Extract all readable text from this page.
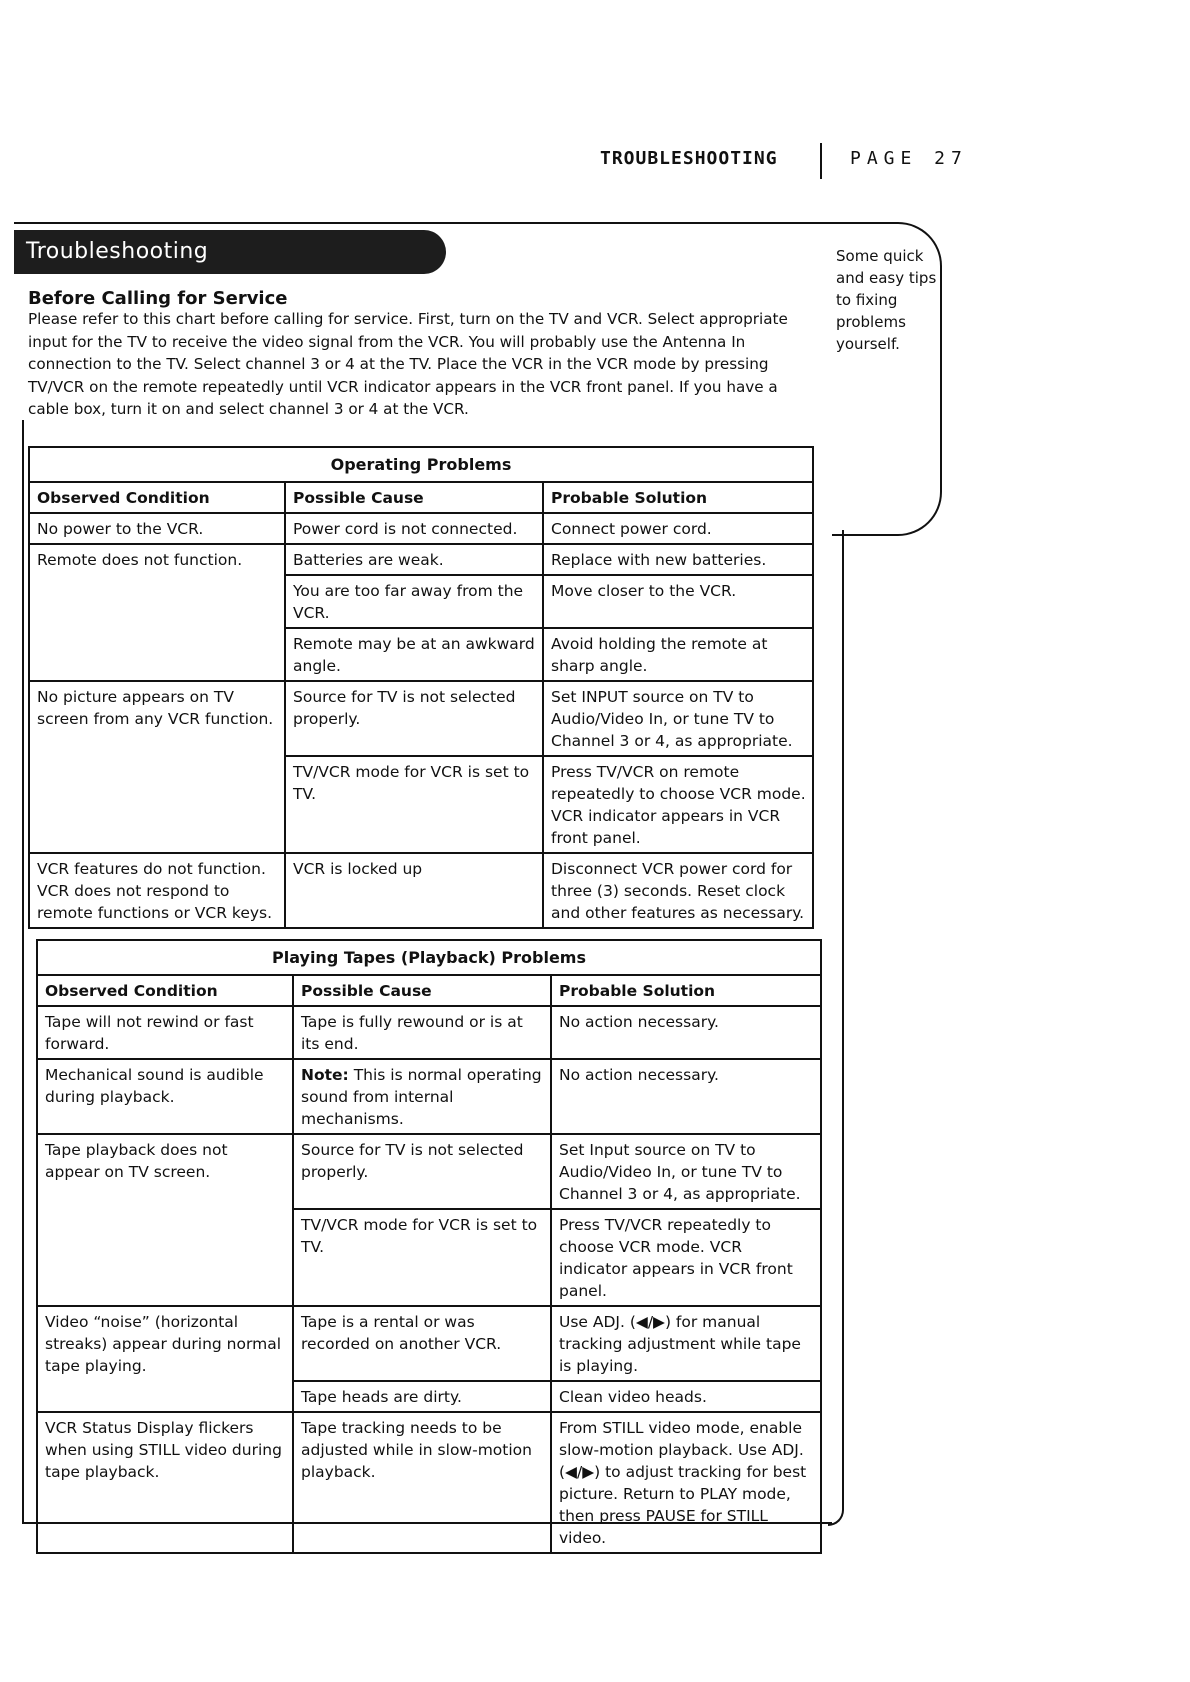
TROUBLESHOOTING	PAGE 27
Troubleshooting	Some quick and easy tips to fixing problems yourself.
Before Calling for Service
Please refer to this chart before calling for service. First, turn on the TV and VCR. Select appropriate input for the TV to receive the video signal from the VCR. You will probably use the Antenna In connection to the TV. Select channel 3 or 4 at the TV. Place the VCR in the VCR mode by pressing TV/VCR on the remote repeatedly until VCR indicator appears in the VCR front panel. If you have a cable box, turn it on and select channel 3 or 4 at the VCR.
Operating Problems
Observed Condition	Possible Cause	Probable Solution
No power to the VCR.	Power cord is not connected.	Connect power cord.
Remote does not function.	Batteries are weak.	Replace with new batteries.
	You are too far away from the VCR.	Move closer to the VCR.
	Remote may be at an awkward angle.	Avoid holding the remote at sharp angle.
No picture appears on TV screen from any VCR function.	Source for TV is not selected properly.	Set INPUT source on TV to Audio/Video In, or tune TV to Channel 3 or 4, as appropriate.
	TV/VCR mode for VCR is set to TV.	Press TV/VCR on remote repeatedly to choose VCR mode. VCR indicator appears in VCR front panel.
VCR features do not function. VCR does not respond to remote functions or VCR keys.	VCR is locked up	Disconnect VCR power cord for three (3) seconds. Reset clock and other features as necessary.
Playing Tapes (Playback) Problems
Observed Condition	Possible Cause	Probable Solution
Tape will not rewind or fast forward.	Tape is fully rewound or is at its end.	No action necessary.
Mechanical sound is audible during playback.	Note: This is normal operating sound from internal mechanisms.	No action necessary.
Tape playback does not appear on TV screen.	Source for TV is not selected properly.	Set Input source on TV to Audio/Video In, or tune TV to Channel 3 or 4, as appropriate.
	TV/VCR mode for VCR is set to TV.	Press TV/VCR repeatedly to choose VCR mode. VCR indicator appears in VCR front panel.
Video “noise” (horizontal streaks) appear during normal tape playing.	Tape is a rental or was recorded on another VCR.	Use ADJ. (◀/▶) for manual tracking adjustment while tape is playing.
	Tape heads are dirty.	Clean video heads.
VCR Status Display flickers when using STILL video during tape playback.	Tape tracking needs to be adjusted while in slow-motion playback.	From STILL video mode, enable slow-motion playback. Use ADJ. (◀/▶) to adjust tracking for best picture. Return to PLAY mode, then press PAUSE for STILL video.
